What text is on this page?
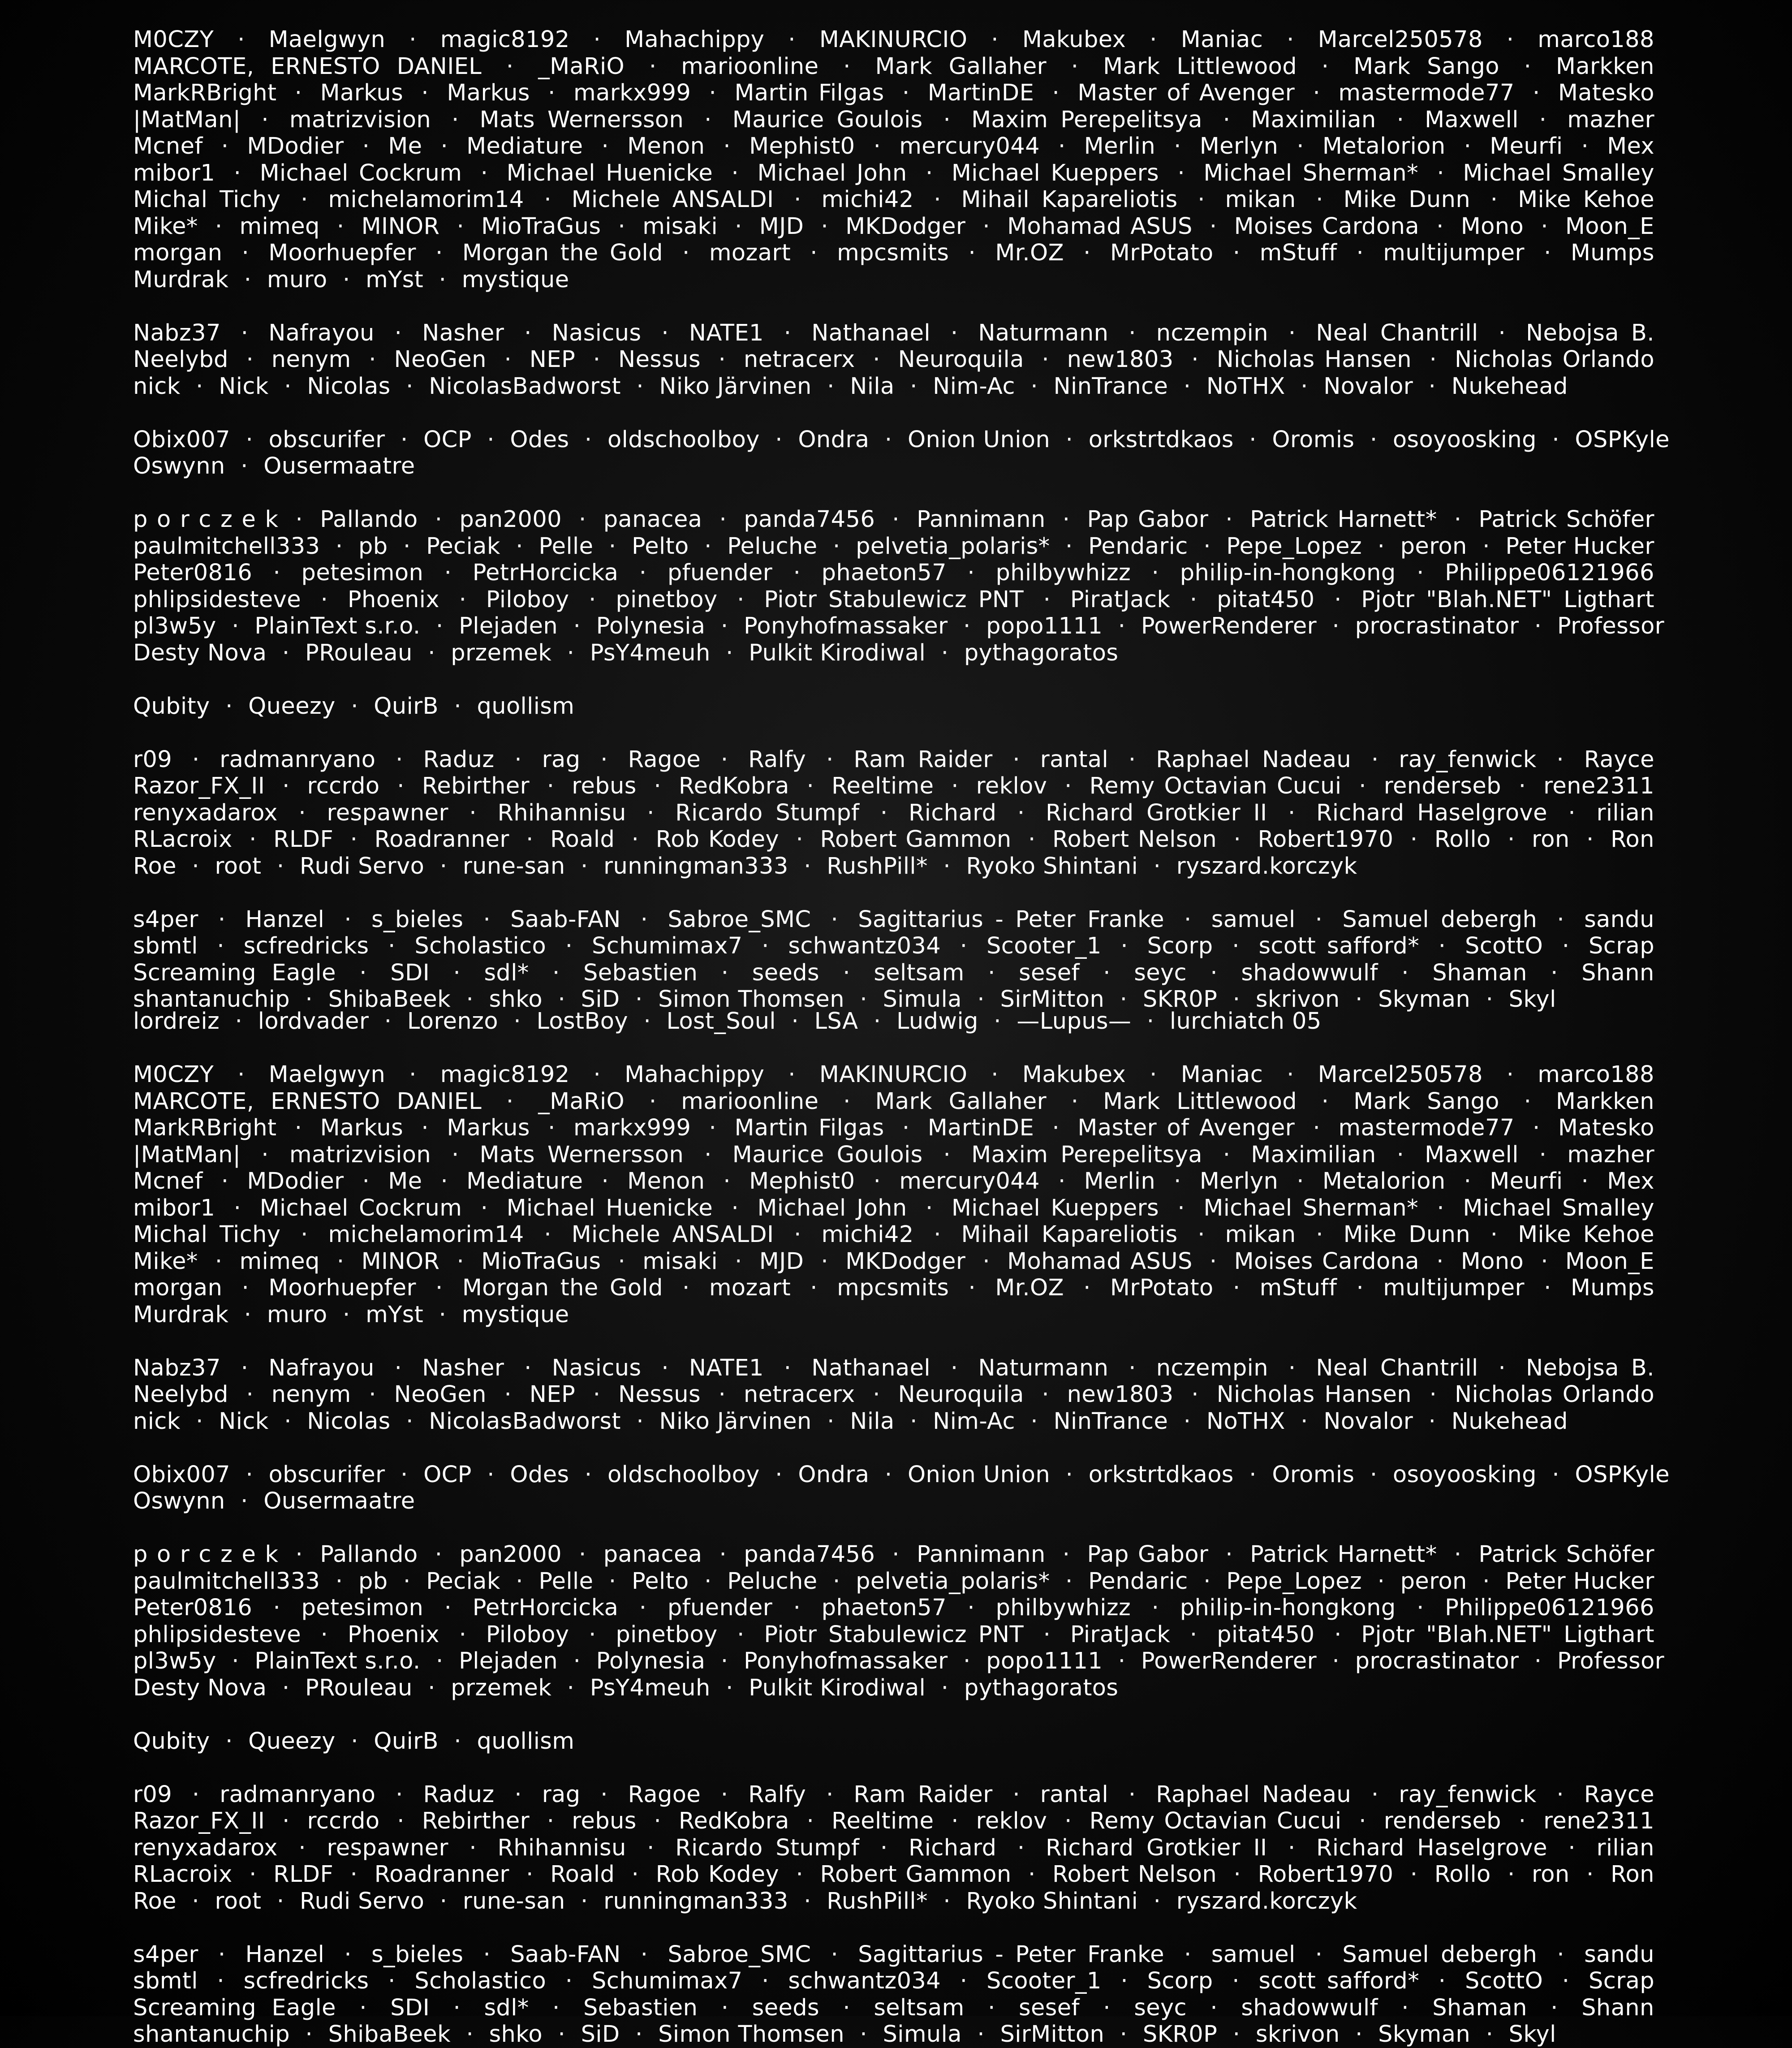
M0CZY · Maelgwyn · magic8192 · Mahachippy · MAKINURCIO · Makubex · Maniac · Marcel250578 · marco188
MARCOTE, ERNESTO DANIEL · _MaRiO · marioonline · Mark Gallaher · Mark Littlewood · Mark Sango · Markken
MarkRBright · Markus · Markus · markx999 · Martin Filgas · MartinDE · Master of Avenger · mastermode77 · Matesko
|MatMan| · matrizvision · Mats Wernersson · Maurice Goulois · Maxim Perepelitsya · Maximilian · Maxwell · mazher
Mcnef · MDodier · Me · Mediature · Menon · Mephist0 · mercury044 · Merlin · Merlyn · Metalorion · Meurfi · Mex
mibor1 · Michael Cockrum · Michael Huenicke · Michael John · Michael Kueppers · Michael Sherman* · Michael Smalley
Michal Tichy · michelamorim14 · Michele ANSALDI · michi42 · Mihail Kapareliotis · mikan · Mike Dunn · Mike Kehoe
Mike* · mimeq · MINOR · MioTraGus · misaki · MJD · MKDodger · Mohamad ASUS · Moises Cardona · Mono · Moon_E
morgan · Moorhuepfer · Morgan the Gold · mozart · mpcsmits · Mr.OZ · MrPotato · mStuff · multijumper · Mumps
Murdrak · muro · mYst · mystique
Nabz37 · Nafrayou · Nasher · Nasicus · NATE1 · Nathanael · Naturmann · nczempin · Neal Chantrill · Nebojsa B.
Neelybd · nenym · NeoGen · NEP · Nessus · netracerx · Neuroquila · new1803 · Nicholas Hansen · Nicholas Orlando
nick · Nick · Nicolas · NicolasBadworst · Niko Järvinen · Nila · Nim-Ac · NinTrance · NoTHX · Novalor · Nukehead
Obix007 · obscurifer · OCP · Odes · oldschoolboy · Ondra · Onion Union · orkstrtdkaos · Oromis · osoyoosking · OSPKyle
Oswynn · Ousermaatre
p o r c z e k · Pallando · pan2000 · panacea · panda7456 · Pannimann · Pap Gabor · Patrick Harnett* · Patrick Schöfer
paulmitchell333 · pb · Peciak · Pelle · Pelto · Peluche · pelvetia_polaris* · Pendaric · Pepe_Lopez · peron · Peter Hucker
Peter0816 · petesimon · PetrHorcicka · pfuender · phaeton57 · philbywhizz · philip-in-hongkong · Philippe06121966
phlipsidesteve · Phoenix · Piloboy · pinetboy · Piotr Stabulewicz PNT · PiratJack · pitat450 · Pjotr "Blah.NET" Ligthart
pl3w5y · PlainText s.r.o. · Plejaden · Polynesia · Ponyhofmassaker · popo1111 · PowerRenderer · procrastinator · Professor
Desty Nova · PRouleau · przemek · PsY4meuh · Pulkit Kirodiwal · pythagoratos
Qubity · Queezy · QuirB · quollism
r09 · radmanryano · Raduz · rag · Ragoe · Ralfy · Ram Raider · rantal · Raphael Nadeau · ray_fenwick · Rayce
Razor_FX_II · rccrdo · Rebirther · rebus · RedKobra · Reeltime · reklov · Remy Octavian Cucui · renderseb · rene2311
renyxadarox · respawner · Rhihannisu · Ricardo Stumpf · Richard · Richard Grotkier II · Richard Haselgrove · rilian
RLacroix · RLDF · Roadranner · Roald · Rob Kodey · Robert Gammon · Robert Nelson · Robert1970 · Rollo · ron · Ron
Roe · root · Rudi Servo · rune-san · runningman333 · RushPill* · Ryoko Shintani · ryszard.korczyk
s4per · Hanzel · s_bieles · Saab-FAN · Sabroe_SMC · Sagittarius - Peter Franke · samuel · Samuel debergh · sandu
sbmtl · scfredricks · Scholastico · Schumimax7 · schwantz034 · Scooter_1 · Scorp · scott safford* · ScottO · Scrap
Screaming Eagle · SDI · sdl* · Sebastien · seeds · seltsam · sesef · seyc · shadowwulf · Shaman · Shann
shantanuchip · ShibaBeek · shko · SiD · Simon Thomsen · Simula · SirMitton · SKR0P · skrivon · Skyman · Skyl
lordreiz · lordvader · Lorenzo · LostBoy · Lost_Soul · LSA · Ludwig · —Lupus— · lurchiatch 05
M0CZY · Maelgwyn · magic8192 · Mahachippy · MAKINURCIO · Makubex · Maniac · Marcel250578 · marco188
MARCOTE, ERNESTO DANIEL · _MaRiO · marioonline · Mark Gallaher · Mark Littlewood · Mark Sango · Markken
MarkRBright · Markus · Markus · markx999 · Martin Filgas · MartinDE · Master of Avenger · mastermode77 · Matesko
|MatMan| · matrizvision · Mats Wernersson · Maurice Goulois · Maxim Perepelitsya · Maximilian · Maxwell · mazher
Mcnef · MDodier · Me · Mediature · Menon · Mephist0 · mercury044 · Merlin · Merlyn · Metalorion · Meurfi · Mex
mibor1 · Michael Cockrum · Michael Huenicke · Michael John · Michael Kueppers · Michael Sherman* · Michael Smalley
Michal Tichy · michelamorim14 · Michele ANSALDI · michi42 · Mihail Kapareliotis · mikan · Mike Dunn · Mike Kehoe
Mike* · mimeq · MINOR · MioTraGus · misaki · MJD · MKDodger · Mohamad ASUS · Moises Cardona · Mono · Moon_E
morgan · Moorhuepfer · Morgan the Gold · mozart · mpcsmits · Mr.OZ · MrPotato · mStuff · multijumper · Mumps
Murdrak · muro · mYst · mystique
Nabz37 · Nafrayou · Nasher · Nasicus · NATE1 · Nathanael · Naturmann · nczempin · Neal Chantrill · Nebojsa B.
Neelybd · nenym · NeoGen · NEP · Nessus · netracerx · Neuroquila · new1803 · Nicholas Hansen · Nicholas Orlando
nick · Nick · Nicolas · NicolasBadworst · Niko Järvinen · Nila · Nim-Ac · NinTrance · NoTHX · Novalor · Nukehead
Obix007 · obscurifer · OCP · Odes · oldschoolboy · Ondra · Onion Union · orkstrtdkaos · Oromis · osoyoosking · OSPKyle
Oswynn · Ousermaatre
p o r c z e k · Pallando · pan2000 · panacea · panda7456 · Pannimann · Pap Gabor · Patrick Harnett* · Patrick Schöfer
paulmitchell333 · pb · Peciak · Pelle · Pelto · Peluche · pelvetia_polaris* · Pendaric · Pepe_Lopez · peron · Peter Hucker
Peter0816 · petesimon · PetrHorcicka · pfuender · phaeton57 · philbywhizz · philip-in-hongkong · Philippe06121966
phlipsidesteve · Phoenix · Piloboy · pinetboy · Piotr Stabulewicz PNT · PiratJack · pitat450 · Pjotr "Blah.NET" Ligthart
pl3w5y · PlainText s.r.o. · Plejaden · Polynesia · Ponyhofmassaker · popo1111 · PowerRenderer · procrastinator · Professor
Desty Nova · PRouleau · przemek · PsY4meuh · Pulkit Kirodiwal · pythagoratos
Qubity · Queezy · QuirB · quollism
r09 · radmanryano · Raduz · rag · Ragoe · Ralfy · Ram Raider · rantal · Raphael Nadeau · ray_fenwick · Rayce
Razor_FX_II · rccrdo · Rebirther · rebus · RedKobra · Reeltime · reklov · Remy Octavian Cucui · renderseb · rene2311
renyxadarox · respawner · Rhihannisu · Ricardo Stumpf · Richard · Richard Grotkier II · Richard Haselgrove · rilian
RLacroix · RLDF · Roadranner · Roald · Rob Kodey · Robert Gammon · Robert Nelson · Robert1970 · Rollo · ron · Ron
Roe · root · Rudi Servo · rune-san · runningman333 · RushPill* · Ryoko Shintani · ryszard.korczyk
s4per · Hanzel · s_bieles · Saab-FAN · Sabroe_SMC · Sagittarius - Peter Franke · samuel · Samuel debergh · sandu
sbmtl · scfredricks · Scholastico · Schumimax7 · schwantz034 · Scooter_1 · Scorp · scott safford* · ScottO · Scrap
Screaming Eagle · SDI · sdl* · Sebastien · seeds · seltsam · sesef · seyc · shadowwulf · Shaman · Shann
shantanuchip · ShibaBeek · shko · SiD · Simon Thomsen · Simula · SirMitton · SKR0P · skrivon · Skyman · Skyl
